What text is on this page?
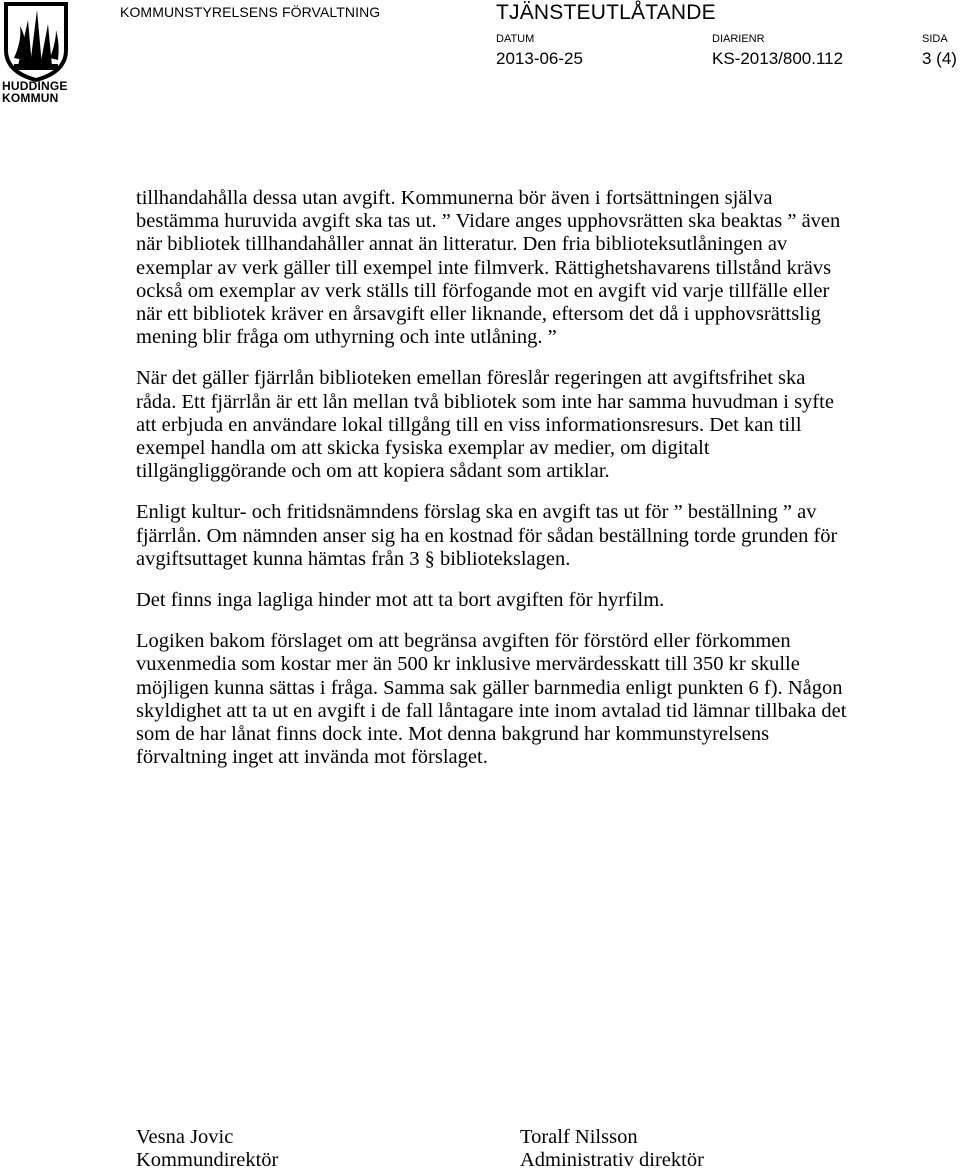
HUDDINGE
KOMMUN
KOMMUNSTYRELSENS FÖRVALTNING	TJÄNSTEUTLÅTANDE
DATUM
2013-06-25
DIARIENR
KS-2013/800.112
SIDA
3 (4)

tillhandahålla dessa utan avgift. Kommunerna bör även i fortsättningen själva bestämma huruvida avgift ska tas ut. ” Vidare anges upphovsrätten ska beaktas ” även när bibliotek tillhandahåller annat än litteratur. Den fria biblioteksutlåningen av exemplar av verk gäller till exempel inte filmverk. Rättighetshavarens tillstånd krävs också om exemplar av verk ställs till förfogande mot en avgift vid varje tillfälle eller när ett bibliotek kräver en årsavgift eller liknande, eftersom det då i upphovsrättslig mening blir fråga om uthyrning och inte utlåning. ”

När det gäller fjärrlån biblioteken emellan föreslår regeringen att avgiftsfrihet ska råda. Ett fjärrlån är ett lån mellan två bibliotek som inte har samma huvudman i syfte att erbjuda en användare lokal tillgång till en viss informationsresurs. Det kan till exempel handla om att skicka fysiska exemplar av medier, om digitalt tillgängliggörande och om att kopiera sådant som artiklar.

Enligt kultur- och fritidsnämndens förslag ska en avgift tas ut för ” beställning ” av fjärrlån. Om nämnden anser sig ha en kostnad för sådan beställning torde grunden för avgiftsuttaget kunna hämtas från 3 § bibliotekslagen.

Det finns inga lagliga hinder mot att ta bort avgiften för hyrfilm.

Logiken bakom förslaget om att begränsa avgiften för förstörd eller förkommen vuxenmedia som kostar mer än 500 kr inklusive mervärdesskatt till 350 kr skulle möjligen kunna sättas i fråga. Samma sak gäller barnmedia enligt punkten 6 f). Någon skyldighet att ta ut en avgift i de fall låntagare inte inom avtalad tid lämnar tillbaka det som de har lånat finns dock inte. Mot denna bakgrund har kommunstyrelsens förvaltning inget att invända mot förslaget.

Vesna Jovic
Kommundirektör
Toralf Nilsson
Administrativ direktör
